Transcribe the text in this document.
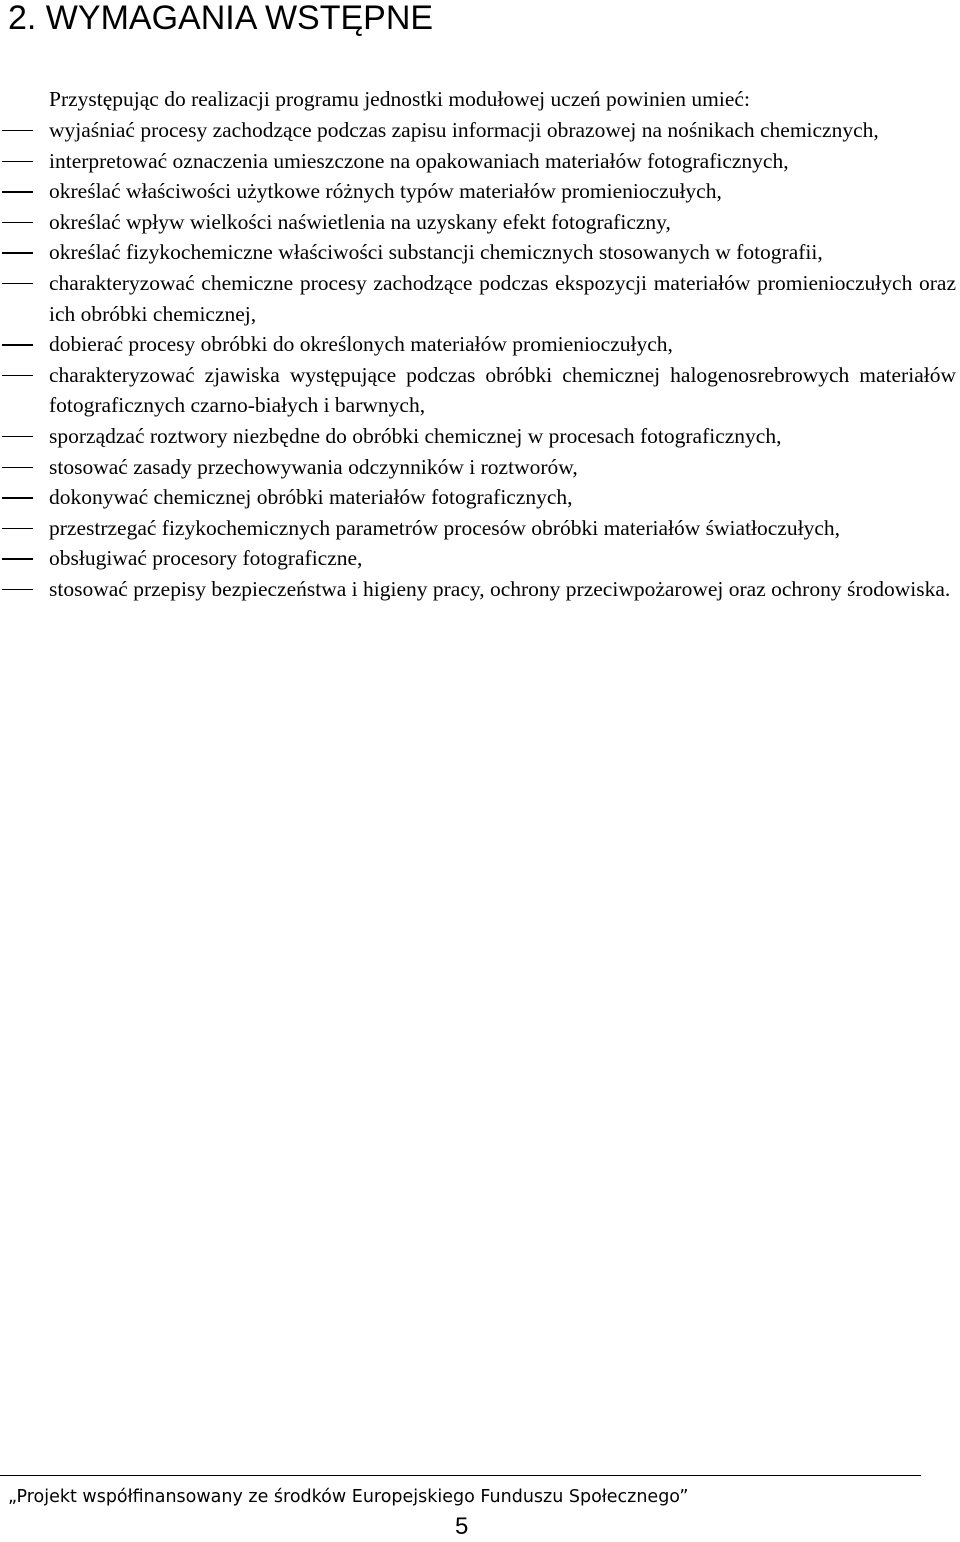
2. WYMAGANIA WSTĘPNE

Przystępując do realizacji programu jednostki modułowej uczeń powinien umieć:

wyjaśniać procesy zachodzące podczas zapisu informacji obrazowej na nośnikach chemicznych,
interpretować oznaczenia umieszczone na opakowaniach materiałów fotograficznych,
określać właściwości użytkowe różnych typów materiałów promienioczułych,
określać wpływ wielkości naświetlenia na uzyskany efekt fotograficzny,
określać fizykochemiczne właściwości substancji chemicznych stosowanych w fotografii,
charakteryzować chemiczne procesy zachodzące podczas ekspozycji materiałów promienioczułych oraz ich obróbki chemicznej,
dobierać procesy obróbki do określonych materiałów promienioczułych,
charakteryzować zjawiska występujące podczas obróbki chemicznej halogenosrebrowych materiałów fotograficznych czarno-białych i barwnych,
sporządzać roztwory niezbędne do obróbki chemicznej w procesach fotograficznych,
stosować zasady przechowywania odczynników i roztworów,
dokonywać chemicznej obróbki materiałów fotograficznych,
przestrzegać fizykochemicznych parametrów procesów obróbki materiałów światłoczułych,
obsługiwać procesory fotograficzne,
stosować przepisy bezpieczeństwa i higieny pracy, ochrony przeciwpożarowej oraz ochrony środowiska.

„Projekt współfinansowany ze środków Europejskiego Funduszu Społecznego”

5
